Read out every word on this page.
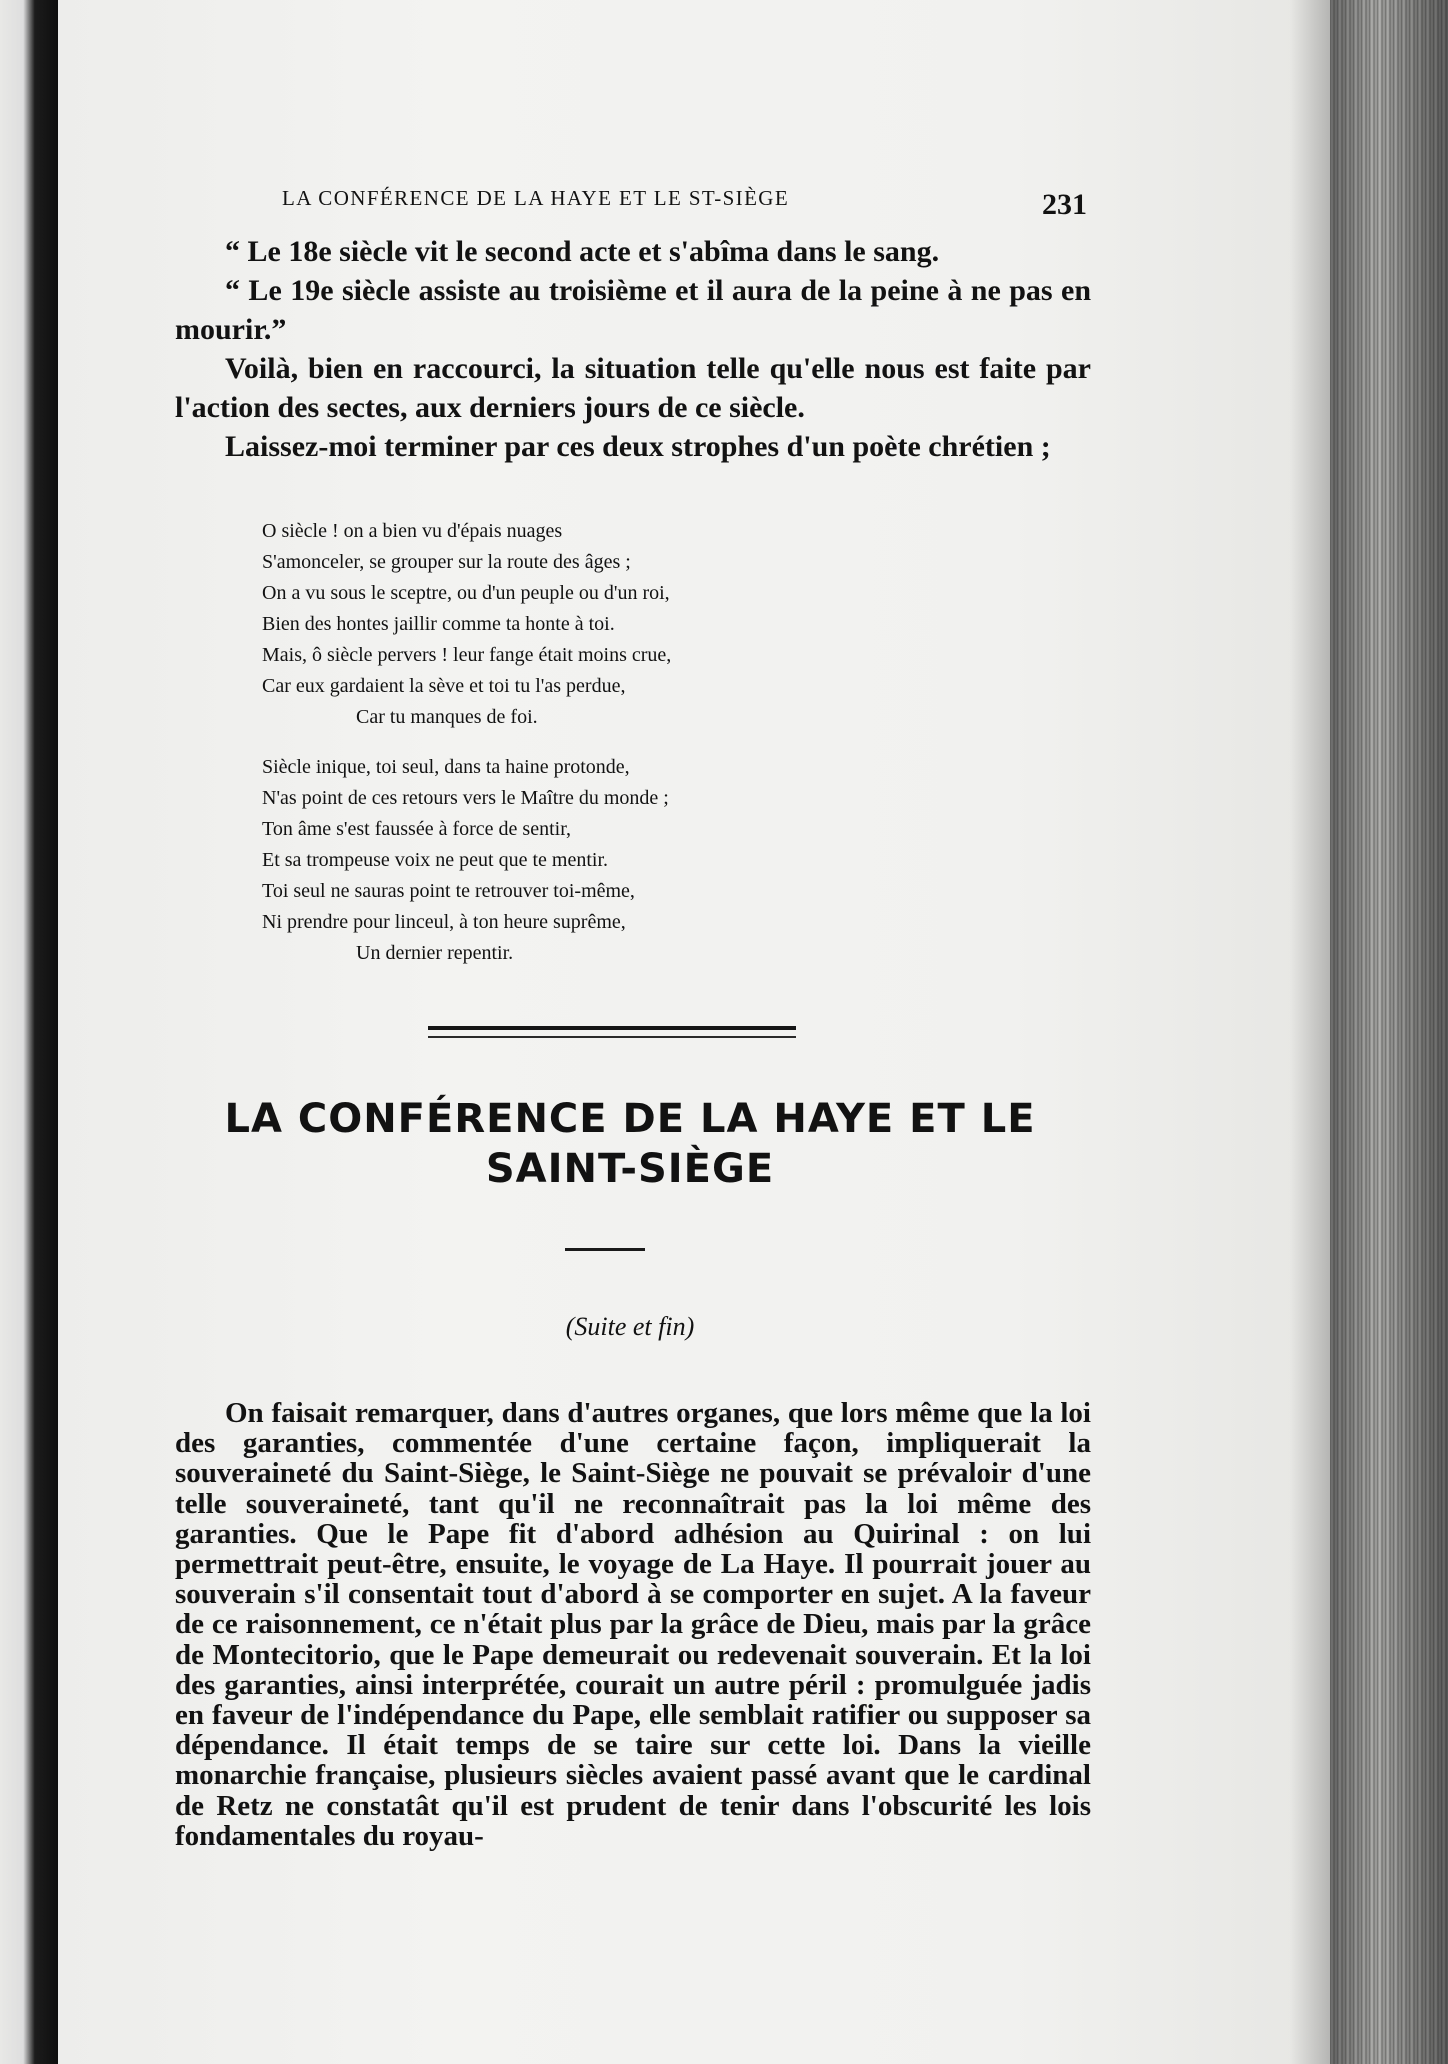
LA CONFÉRENCE DE LA HAYE ET LE ST-SIÈGE	231

“ Le 18e siècle vit le second acte et s'abîma dans le sang.

“ Le 19e siècle assiste au troisième et il aura de la peine à ne pas en mourir.”

Voilà, bien en raccourci, la situation telle qu'elle nous est faite par l'action des sectes, aux derniers jours de ce siècle.

Laissez-moi terminer par ces deux strophes d'un poète chrétien ;

O siècle ! on a bien vu d'épais nuages
S'amonceler, se grouper sur la route des âges ;
On a vu sous le sceptre, ou d'un peuple ou d'un roi,
Bien des hontes jaillir comme ta honte à toi.
Mais, ô siècle pervers ! leur fange était moins crue,
Car eux gardaient la sève et toi tu l'as perdue,
Car tu manques de foi.
Siècle inique, toi seul, dans ta haine protonde,
N'as point de ces retours vers le Maître du monde ;
Ton âme s'est faussée à force de sentir,
Et sa trompeuse voix ne peut que te mentir.
Toi seul ne sauras point te retrouver toi-même,
Ni prendre pour linceul, à ton heure suprême,
Un dernier repentir.
LA CONFÉRENCE DE LA HAYE ET LE
SAINT-SIÈGE
(Suite et fin)

On faisait remarquer, dans d'autres organes, que lors même que la loi des garanties, commentée d'une certaine façon, impliquerait la souveraineté du Saint-Siège, le Saint-Siège ne pouvait se prévaloir d'une telle souveraineté, tant qu'il ne reconnaîtrait pas la loi même des garanties. Que le Pape fit d'abord adhésion au Quirinal : on lui permettrait peut-être, ensuite, le voyage de La Haye. Il pourrait jouer au souverain s'il consentait tout d'abord à se comporter en sujet. A la faveur de ce raisonnement, ce n'était plus par la grâce de Dieu, mais par la grâce de Montecitorio, que le Pape demeurait ou redevenait souverain. Et la loi des garanties, ainsi interprétée, courait un autre péril : promulguée jadis en faveur de l'indépendance du Pape, elle semblait ratifier ou supposer sa dépendance. Il était temps de se taire sur cette loi. Dans la vieille monarchie française, plusieurs siècles avaient passé avant que le cardinal de Retz ne constatât qu'il est prudent de tenir dans l'obscurité les lois fondamentales du royau-
